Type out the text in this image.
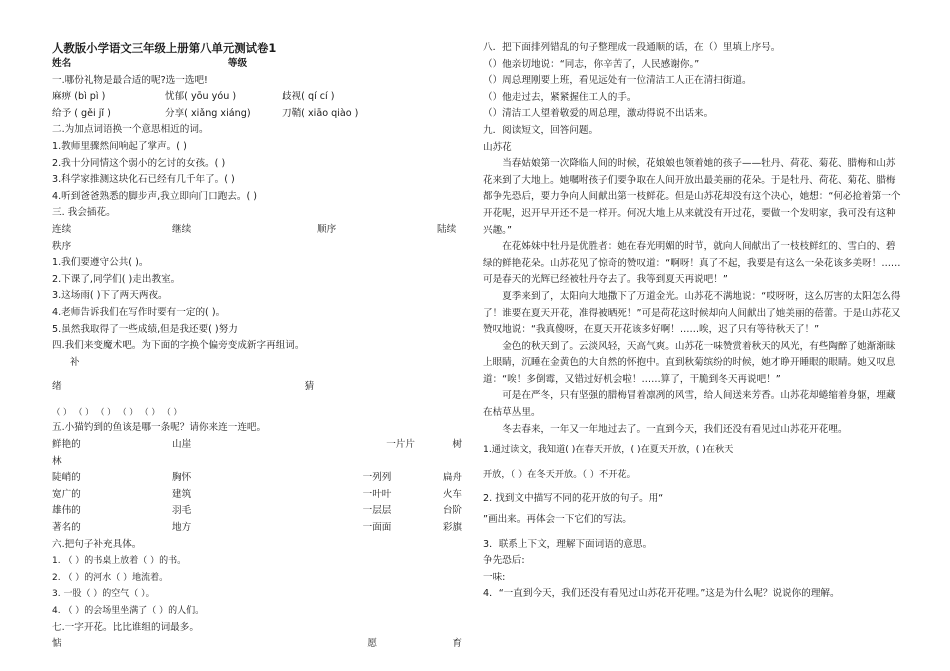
人教版小学语文三年级上册第八单元测试卷1
姓名	等级
一.哪份礼物是最合适的呢?选一选吧!
麻痹 (bì pì )	忧郁( yōu yóu )	歧视( qí cí )
给予 ( gěi jǐ )	分享( xiǎng xiáng)	刀鞘( xiāo qiào )
二.为加点词语换一个意思相近的词。
1.教师里骤然间响起了掌声。( )
2.我十分同情这个弱小的乞讨的女孩。( )
3.科学家推测这块化石已经有几千年了。( )
4.听到爸爸熟悉的脚步声,我立即向门口跑去。( )
三. 我会插花。
连续	继续	顺序	陆续
秩序
1.我们要遵守公共( )。
2.下课了,同学们( )走出教室。
3.这场雨( )下了两天两夜。
4.老师告诉我们在写作时要有一定的( )。
5.虽然我取得了一些成绩,但是我还要( )努力
四.我们来变魔术吧。为下面的字换个偏旁变成新字再组词。
补
绪	猜
（ ） （ ） （ ） （ ） （ ） （ ）
五.小猫钓到的鱼该是哪一条呢？请你来连一连吧。
鲜艳的	山崖	一片片	树
林
陡峭的	胸怀	一列列	扁舟
宽广的	建筑	一叶叶	火车
雄伟的	羽毛	一层层	台阶
著名的	地方	一面面	彩旗
六.把句子补充具体。
1. （ ）的书桌上放着（ ）的书。
2. （ ）的河水（ ）地流着。
3. 一股（ ）的空气（ ）。
4. （ ）的会场里坐满了（ ）的人们。
七.一字开花。比比谁组的词最多。
惦	愿	育
八．把下面排列错乱的句子整理成一段通顺的话，在（）里填上序号。
（）他亲切地说：“同志，你辛苦了，人民感谢你。”
（）周总理刚要上班，看见远处有一位清洁工人正在清扫街道。
（）他走过去，紧紧握住工人的手。
（）清洁工人望着敬爱的周总理，激动得说不出话来。
九．阅读短文，回答问题。
山苏花
当春姑娘第一次降临人间的时候，花娘娘也领着她的孩子——牡丹、荷花、菊花、腊梅和山苏花来到了大地上。她嘱咐孩子们要争取在人间开放出最美丽的花朵。于是牡丹、荷花、菊花、腊梅都争先恐后，要力争向人间献出第一枝鲜花。但是山苏花却没有这个决心，她想：“何必抢着第一个开花呢，迟开早开还不是一样开。何况大地上从来就没有开过花，要做一个发明家，我可没有这种兴趣。”
在花姊妹中牡丹是优胜者：她在春光明媚的时节，就向人间献出了一枝枝鲜红的、雪白的、碧绿的鲜艳花朵。山苏花见了惊奇的赞叹道：“啊呀！真了不起，我要是有这么一朵花该多美呀！……可是春天的光辉已经被牡丹夺去了。我等到夏天再说吧！”
夏季来到了，太阳向大地撒下了万道金光。山苏花不满地说：“哎呀呀，这么厉害的太阳怎么得了！谁要在夏天开花，准得被晒死！”可是荷花这时候却向人间献出了她美丽的蓓蕾。于是山苏花又赞叹地说：“我真傻呀，在夏天开花该多好啊！……唉，迟了只有等待秋天了！”
金色的秋天到了。云淡风轻，天高气爽。山苏花一味赞赏着秋天的风光，有些陶醉了她渐渐昧上眼睛，沉睡在金黄色的大自然的怀抱中。直到秋菊缤纷的时候，她才睁开睡眼的眼睛。她又叹息道：“唉！多倒霉，又错过好机会啦！……算了，干脆到冬天再说吧！”
可是在严冬，只有坚强的腊梅冒着凛冽的风雪，给人间送来芳香。山苏花却蜷缩着身躯，埋藏在枯草丛里。
冬去春来，一年又一年地过去了。一直到今天，我们还没有看见过山苏花开花哩。
1.通过读文，我知道( )在春天开放，( )在夏天开放，( )在秋天
开放，（ ）在冬天开放。（ ）不开花。
2. 找到文中描写不同的花开放的句子。用“
”画出来。再体会一下它们的写法。
3．联系上下文，理解下面词语的意思。
争先恐后:
一味:
4．“一直到今天，我们还没有看见过山苏花开花哩。”这是为什么呢？说说你的理解。
